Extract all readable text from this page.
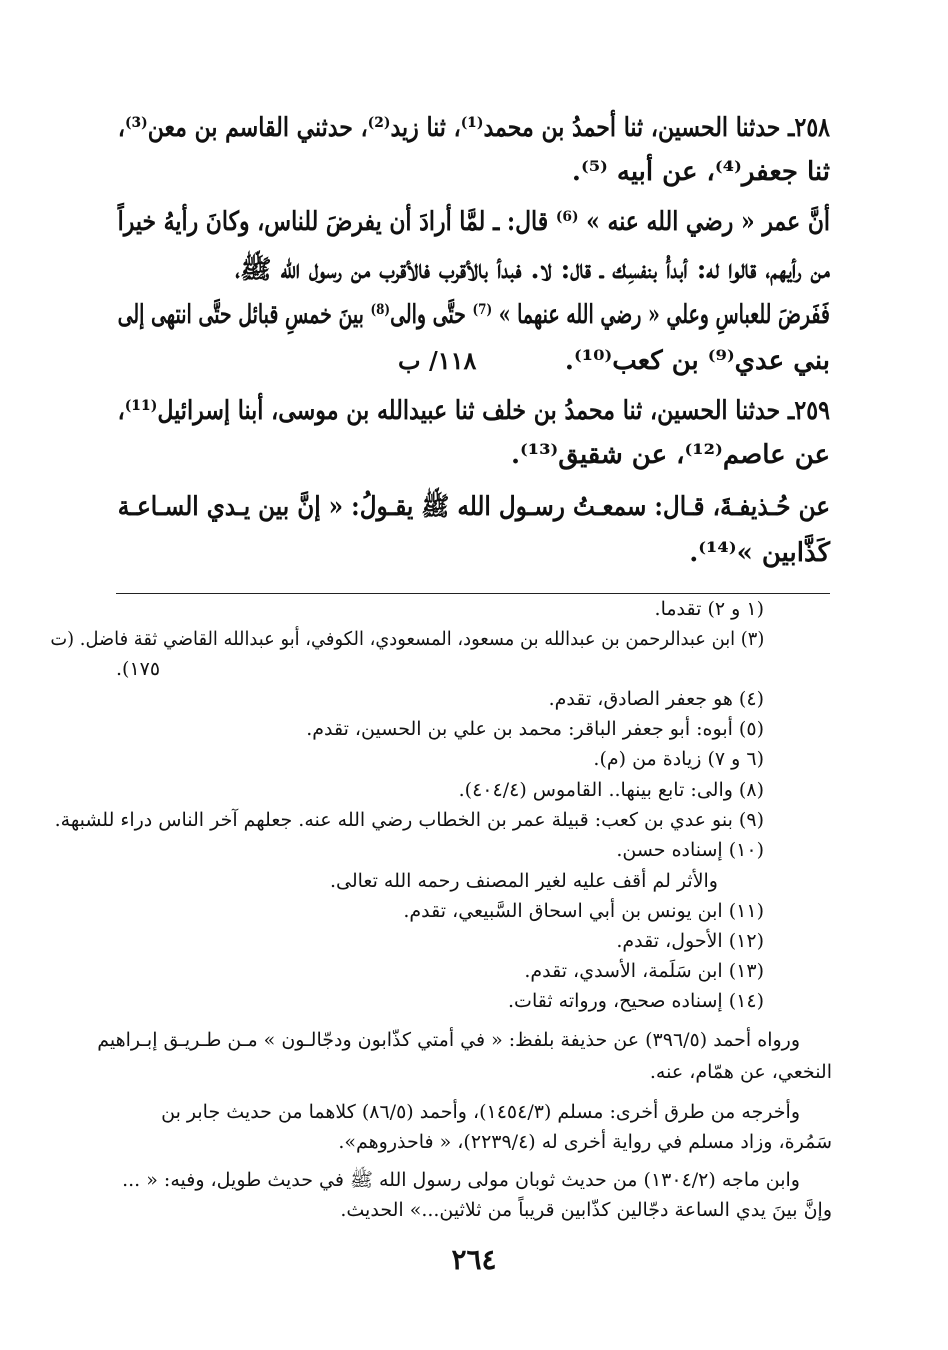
٢٥٨ـ حدثنا الحسين، ثنا أحمدُ بن محمد⁽¹⁾، ثنا زيد⁽²⁾، حدثني القاسم بن معن⁽³⁾،
ثنا جعفر⁽⁴⁾، عن أبيه ⁽⁵⁾.
أنَّ عمر « رضي الله عنه » ⁽⁶⁾ قال: ـ لمَّا أرادَ أن يفرضَ للناس، وكانَ رأيهُ خيراً
من رأيهم، قالوا له: أبدأْ بنفسِك ـ قال: لا. فبدأ بالأقرب فالأقرب من رسول الله ﷺ،
فَفَرضَ للعباسِ وعلي « رضي الله عنهما » ⁽⁷⁾ حتَّى والى⁽⁸⁾ بينَ خمسِ قبائل حتَّى انتهى إلى
بني عدي⁽⁹⁾ بن كعب⁽¹⁰⁾.
١١٨/ ب
٢٥٩ـ حدثنا الحسين، ثنا محمدُ بن خلف ثنا عبيدالله بن موسى، أبنا إسرائيل⁽¹¹⁾،
عن عاصم⁽¹²⁾، عن شقيق⁽¹³⁾.
عن حُـذيفـةَ، قـال: سمعـتُ رسـول الله ﷺ يقـولُ: « إنَّ بين يـدي السـاعـة
كَذَّابين »⁽¹⁴⁾.
(١ و ٢) تقدما.
(٣) ابن عبدالرحمن بن عبدالله بن مسعود، المسعودي، الكوفي، أبو عبدالله القاضي ثقة فاضل. (ت
١٧٥).
(٤) هو جعفر الصادق، تقدم.
(٥) أبوه: أبو جعفر الباقر: محمد بن علي بن الحسين، تقدم.
(٦ و ٧) زيادة من (م).
(٨) والى: تابع بينها.. القاموس (٤٠٤/٤).
(٩) بنو عدي بن كعب: قبيلة عمر بن الخطاب رضي الله عنه. جعلهم آخر الناس دراء للشبهة.
(١٠) إسناده حسن.
والأثر لم أقف عليه لغير المصنف رحمه الله تعالى.
(١١) ابن يونس بن أبي اسحاق السَّبيعي، تقدم.
(١٢) الأحول، تقدم.
(١٣) ابن سَلَمة، الأسدي، تقدم.
(١٤) إسناده صحيح، ورواته ثقات.
ورواه أحمد (٣٩٦/٥) عن حذيفة بلفظ: « في أمتي كذّابون ودجّالـون » مـن طـريـق إبـراهيم
النخعي، عن همّام، عنه.
وأخرجه من طرق أخرى: مسلم (١٤٥٤/٣)، وأحمد (٨٦/٥) كلاهما من حديث جابر بن
سَمُرة، وزاد مسلم في رواية أخرى له (٢٢٣٩/٤)، « فاحذروهم».
وابن ماجه (١٣٠٤/٢) من حديث ثوبان مولى رسول الله ﷺ في حديث طويل، وفيه: « ...
وإنَّ بينَ يدي الساعة دجّالين كذّابين قريباً من ثلاثين...» الحديث.
٢٦٤
